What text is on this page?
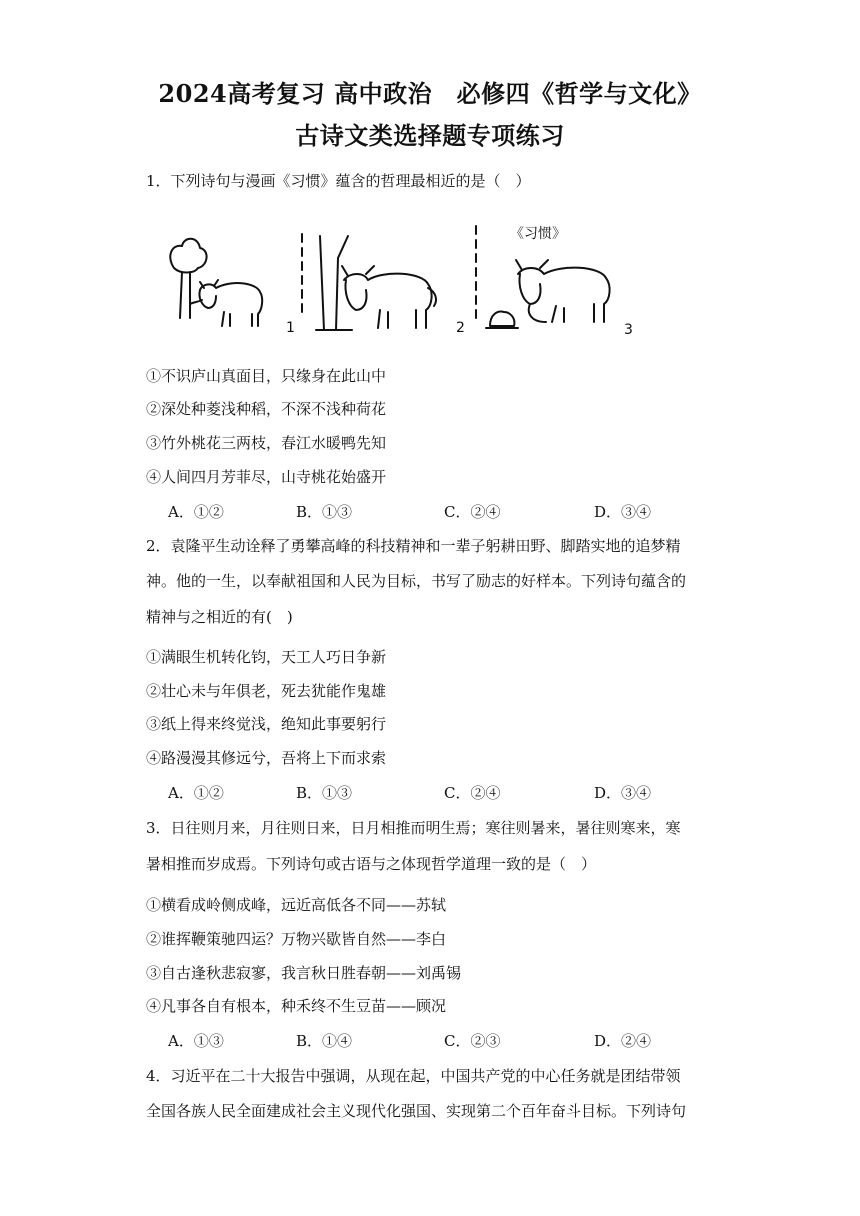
2024高考复习 高中政治　必修四《哲学与文化》
古诗文类选择题专项练习
1．下列诗句与漫画《习惯》蕴含的哲理最相近的是（　）
1	2
《习惯》
3
①不识庐山真面目，只缘身在此山中
②深处种菱浅种稻，不深不浅种荷花
③竹外桃花三两枝，春江水暖鸭先知
④人间四月芳菲尽，山寺桃花始盛开
A．①②	B．①③	C．②④	D．③④
2．袁隆平生动诠释了勇攀高峰的科技精神和一辈子躬耕田野、脚踏实地的追梦精
神。他的一生，以奉献祖国和人民为目标，书写了励志的好样本。下列诗句蕴含的
精神与之相近的有(　)
①满眼生机转化钧，天工人巧日争新
②壮心未与年俱老，死去犹能作鬼雄
③纸上得来终觉浅，绝知此事要躬行
④路漫漫其修远兮，吾将上下而求索
A．①②	B．①③	C．②④	D．③④
3．日往则月来，月往则日来，日月相推而明生焉；寒往则暑来，暑往则寒来，寒
暑相推而岁成焉。下列诗句或古语与之体现哲学道理一致的是（　）
①横看成岭侧成峰，远近高低各不同——苏轼
②谁挥鞭策驰四运？万物兴歇皆自然——李白
③自古逢秋悲寂寥，我言秋日胜春朝——刘禹锡
④凡事各自有根本，种禾终不生豆苗——顾况
A．①③	B．①④	C．②③	D．②④
4．习近平在二十大报告中强调，从现在起，中国共产党的中心任务就是团结带领
全国各族人民全面建成社会主义现代化强国、实现第二个百年奋斗目标。下列诗句
